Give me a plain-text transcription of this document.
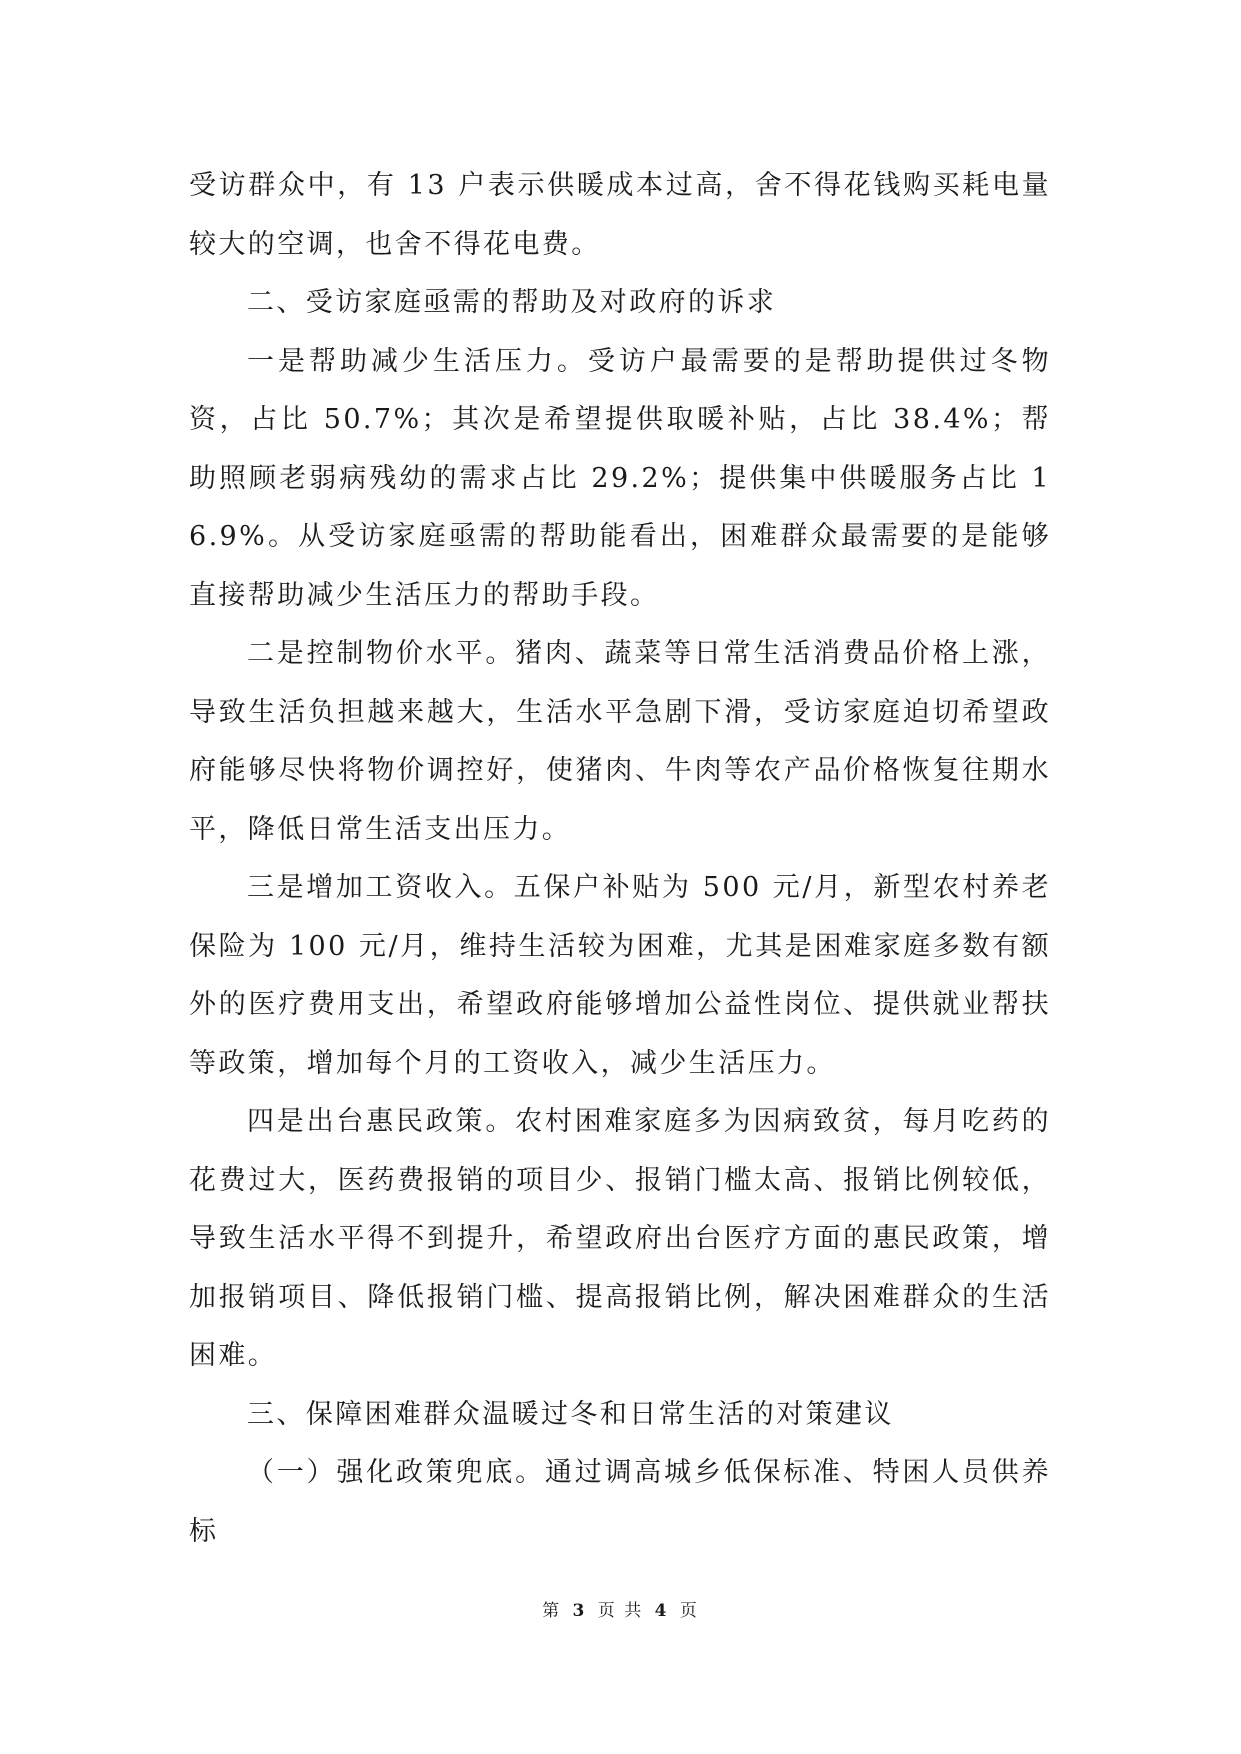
受访群众中，有 13 户表示供暖成本过高，舍不得花钱购买耗电量较大的空调，也舍不得花电费。

二、受访家庭亟需的帮助及对政府的诉求

一是帮助减少生活压力。受访户最需要的是帮助提供过冬物资，占比 50.7%；其次是希望提供取暖补贴，占比 38.4%；帮助照顾老弱病残幼的需求占比 29.2%；提供集中供暖服务占比 16.9%。从受访家庭亟需的帮助能看出，困难群众最需要的是能够直接帮助减少生活压力的帮助手段。

二是控制物价水平。猪肉、蔬菜等日常生活消费品价格上涨，导致生活负担越来越大，生活水平急剧下滑，受访家庭迫切希望政府能够尽快将物价调控好，使猪肉、牛肉等农产品价格恢复往期水平，降低日常生活支出压力。

三是增加工资收入。五保户补贴为 500 元/月，新型农村养老保险为 100 元/月，维持生活较为困难，尤其是困难家庭多数有额外的医疗费用支出，希望政府能够增加公益性岗位、提供就业帮扶等政策，增加每个月的工资收入，减少生活压力。

四是出台惠民政策。农村困难家庭多为因病致贫，每月吃药的花费过大，医药费报销的项目少、报销门槛太高、报销比例较低，导致生活水平得不到提升，希望政府出台医疗方面的惠民政策，增加报销项目、降低报销门槛、提高报销比例，解决困难群众的生活困难。

三、保障困难群众温暖过冬和日常生活的对策建议

（一）强化政策兜底。通过调高城乡低保标准、特困人员供养标

第 3 页 共 4 页
